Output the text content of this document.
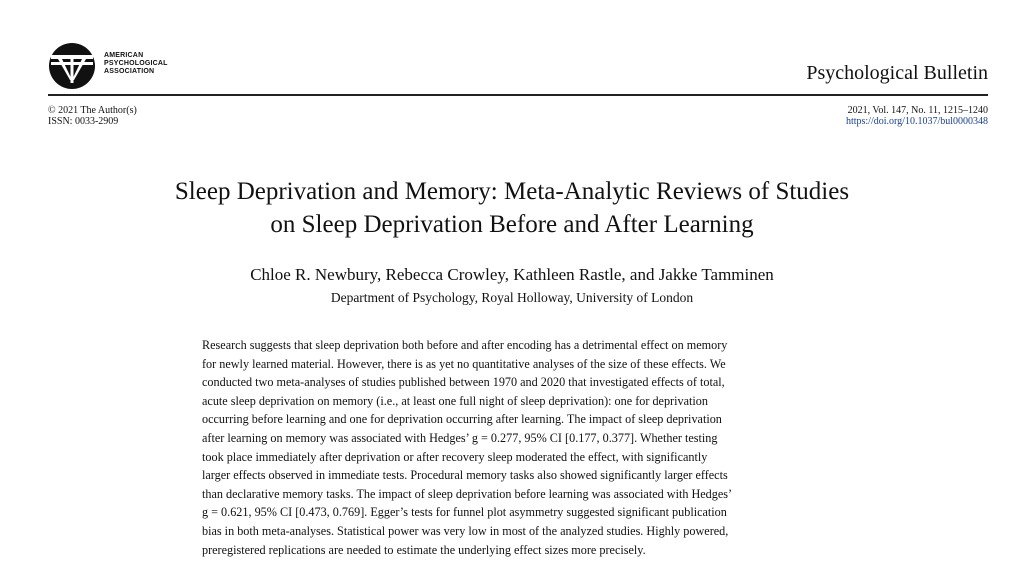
AMERICAN
PSYCHOLOGICAL
ASSOCIATION	Psychological Bulletin
© 2021 The Author(s)
ISSN: 0033-2909
2021, Vol. 147, No. 11, 1215–1240
https://doi.org/10.1037/bul0000348
Sleep Deprivation and Memory: Meta-Analytic Reviews of Studies
on Sleep Deprivation Before and After Learning
Chloe R. Newbury, Rebecca Crowley, Kathleen Rastle, and Jakke Tamminen
Department of Psychology, Royal Holloway, University of London
Research suggests that sleep deprivation both before and after encoding has a detrimental effect on memory
for newly learned material. However, there is as yet no quantitative analyses of the size of these effects. We
conducted two meta-analyses of studies published between 1970 and 2020 that investigated effects of total,
acute sleep deprivation on memory (i.e., at least one full night of sleep deprivation): one for deprivation
occurring before learning and one for deprivation occurring after learning. The impact of sleep deprivation
after learning on memory was associated with Hedges’ g = 0.277, 95% CI [0.177, 0.377]. Whether testing
took place immediately after deprivation or after recovery sleep moderated the effect, with significantly
larger effects observed in immediate tests. Procedural memory tasks also showed significantly larger effects
than declarative memory tasks. The impact of sleep deprivation before learning was associated with Hedges’
g = 0.621, 95% CI [0.473, 0.769]. Egger’s tests for funnel plot asymmetry suggested significant publication
bias in both meta-analyses. Statistical power was very low in most of the analyzed studies. Highly powered,
preregistered replications are needed to estimate the underlying effect sizes more precisely.
